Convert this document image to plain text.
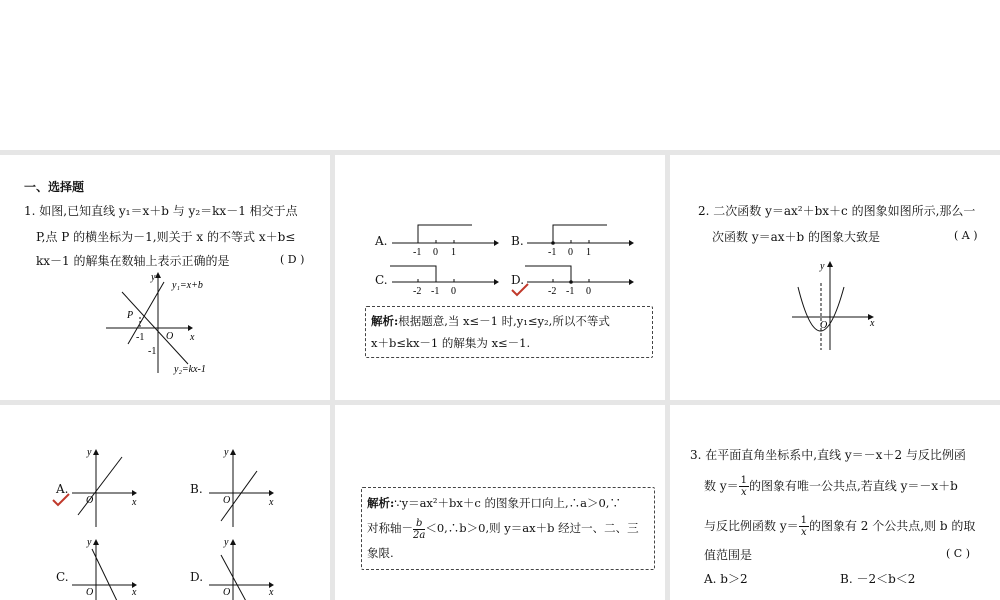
一、选择题
1. 如图,已知直线 y₁＝x＋b 与 y₂＝kx－1 相交于点
P,点 P 的横坐标为－1,则关于 x 的不等式 x＋b≤
kx－1 的解集在数轴上表示正确的是	( D )
y₁=x+b
y₂=kx-1
P
O x
y
-1
-1
A.
-1 0 1
B.
-1 0 1
C.
-2 -1 0
D.
-2 -1 0
解析:根据题意,当 x≤－1 时,y₁≤y₂,所以不等式
x＋b≤kx－1 的解集为 x≤－1.
2. 二次函数 y＝ax²＋bx＋c 的图象如图所示,那么一
次函数 y＝ax＋b 的图象大致是	( A )
O	x
y
A.
O	x
y
B.
O	x
y
C.
O	x
y
D.
O	x
y
解析:∵y＝ax²＋bx＋c 的图象开口向上,∴a＞0,∵
对称轴－ $\frac{b}{2a}$ ＜0,∴b＞0,则 y＝ax＋b 经过一、二、三
象限.
3. 在平面直角坐标系中,直线 y＝－x＋2 与反比例函
数 $y= \frac{1}{x}$ 的图象有唯一公共点,若直线 y＝－x＋b
与反比例函数 $y= \frac{1}{x}$ 的图象有 2 个公共点,则 b 的取
值范围是	( C )
A. b＞2	B. －2＜b＜2
